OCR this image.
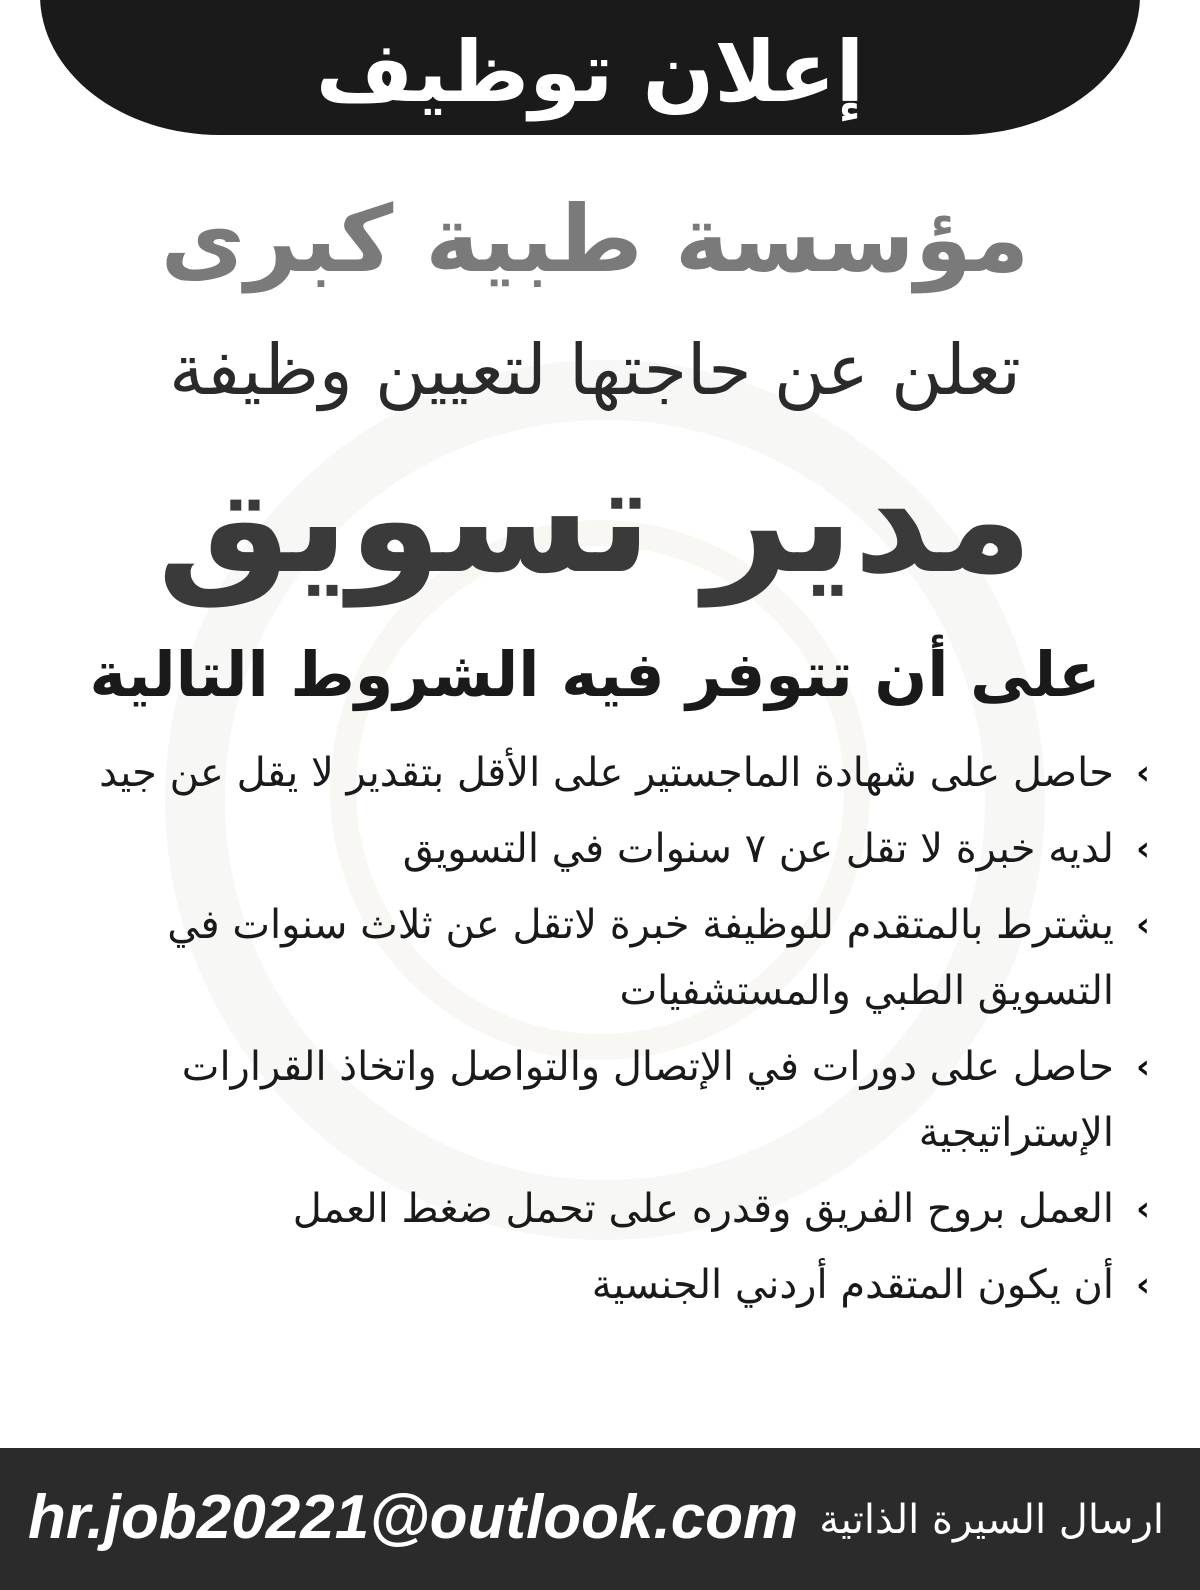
إعلان توظيف
مؤسسة طبية كبرى
تعلن عن حاجتها لتعيين وظيفة
مدير تسويق
على أن تتوفر فيه الشروط التالية
›
حاصل على شهادة الماجستير على الأقل بتقدير لا يقل عن جيد
›
لديه خبرة لا تقل عن ٧ سنوات في التسويق
›
يشترط بالمتقدم للوظيفة خبرة لاتقل عن ثلاث سنوات في التسويق الطبي والمستشفيات
›
حاصل على دورات في الإتصال والتواصل واتخاذ القرارات الإستراتيجية
›
العمل بروح الفريق وقدره على تحمل ضغط العمل
›
أن يكون المتقدم أردني الجنسية
hr.job20221@outlook.com ارسال السيرة الذاتية
